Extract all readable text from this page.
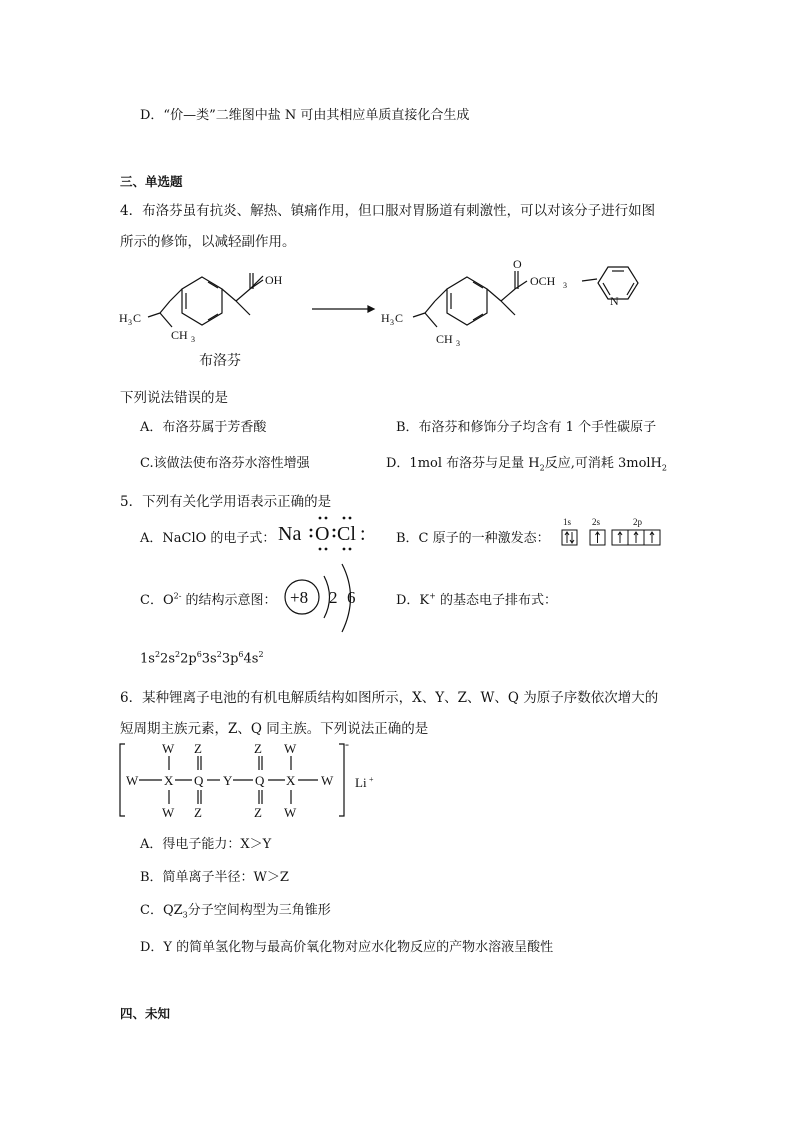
D．“价—类”二维图中盐 N 可由其相应单质直接化合生成
三、单选题
4．布洛芬虽有抗炎、解热、镇痛作用，但口服对胃肠道有刺激性，可以对该分子进行如图
所示的修饰，以减轻副作用。
OH
H 3 C
CH 3
O
OCH 3
H 3 C
CH 3
N
布洛芬
下列说法错误的是
A．布洛芬属于芳香酸	B．布洛芬和修饰分子均含有 1 个手性碳原子
C.该做法使布洛芬水溶性增强	D．1mol 布洛芬与足量 $H_2$反应,可消耗 3molH$_2$
5．下列有关化学用语表示正确的是
A．NaClO 的电子式： Na O Cl : B．C 原子的一种激发态：
1s 2s	2p
C．$O^{2-}$ 的结构示意图： +8 2 6	D．K+ 的基态电子排布式：
$1s^22s^22p^63s^23p^64s^2$
6．某种锂离子电池的有机电解质结构如图所示，X、Y、Z、W、Q 为原子序数依次增大的
短周期主族元素，Z、Q 同主族。下列说法正确的是
W Z	Z W
W X Q Y Q X W
W Z	Z W
-
Li +
A．得电子能力：X＞Y
B．简单离子半径：W＞Z
C．$QZ_3$分子空间构型为三角锥形
D．Y 的简单氢化物与最高价氧化物对应水化物反应的产物水溶液呈酸性
四、未知
